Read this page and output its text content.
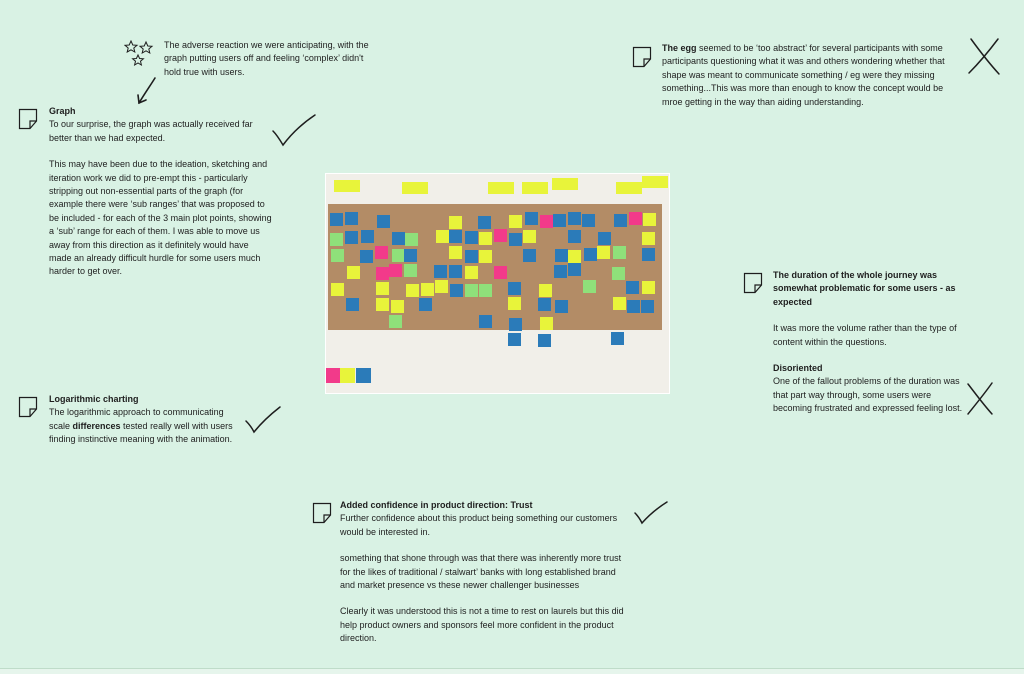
The adverse reaction we were anticipating, with the graph putting users off and feeling ‘complex’ didn't hold true with users.

Graph

To our surprise, the graph was actually received far better than we had expected.

This may have been due to the ideation, sketching and iteration work we did to pre-empt this - particularly stripping out non-essential parts of the graph (for example there were ‘sub ranges’ that was proposed to be included - for each of the 3 main plot points, showing a ‘sub’ range for each of them. I was able to move us away from this direction as it definitely would have made an already difficult hurdle for some users much harder to get over.

The egg seemed to be ‘too abstract’ for several participants with some participants questioning what it was and others wondering whether that shape was meant to communicate something / eg were they missing something...This was more than enough to know the concept would be mroe getting in the way than aiding understanding.

The duration of the whole journey was somewhat problematic for some users - as expected

It was more the volume rather than the type of content within the questions.

Disoriented

One of the fallout problems of the duration was that part way through, some users were becoming frustrated and expressed feeling lost.

Logarithmic charting

The logarithmic approach to communicating scale differences tested really well with users finding instinctive meaning with the animation.

Added confidence in product direction: Trust

Further confidence about this product being something our customers would be interested in.

something that shone through was that there was inherently more trust for the likes of traditional / stalwart’ banks with long established brand and market presence vs these newer challenger businesses

Clearly it was understood this is not a time to rest on laurels but this did help product owners and sponsors feel more confident in the product direction.
